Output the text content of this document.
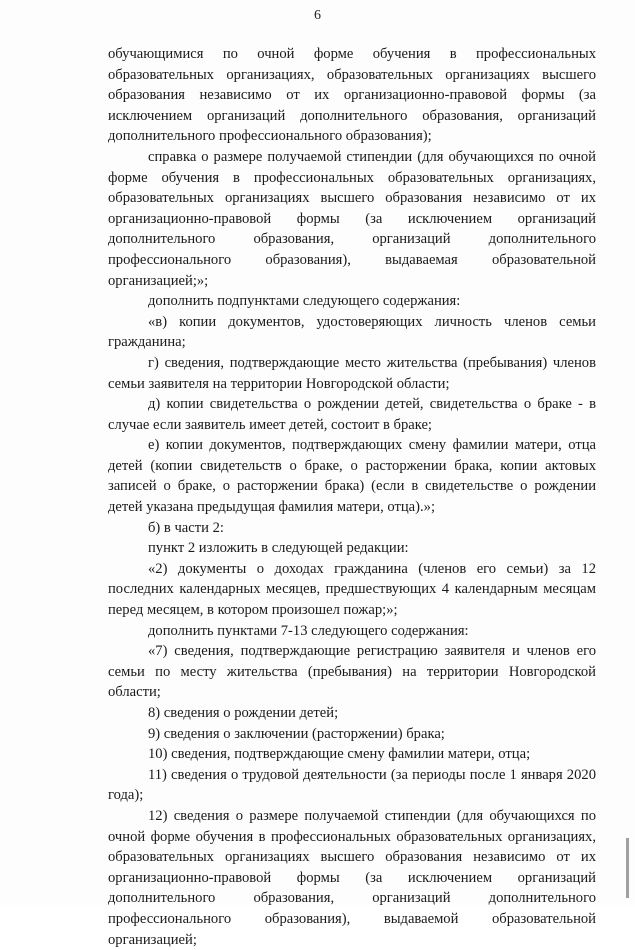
6

обучающимися по очной форме обучения в профессиональных образовательных организациях, образовательных организациях высшего образования независимо от их организационно-правовой формы (за исключением организаций дополнительного образования, организаций дополнительного профессионального образования);

справка о размере получаемой стипендии (для обучающихся по очной форме обучения в профессиональных образовательных организациях, образовательных организациях высшего образования независимо от их организационно-правовой формы (за исключением организаций дополнительного образования, организаций дополнительного профессионального образования), выдаваемая образовательной организацией;»;

дополнить подпунктами следующего содержания:

«в) копии документов, удостоверяющих личность членов семьи гражданина;

г) сведения, подтверждающие место жительства (пребывания) членов семьи заявителя на территории Новгородской области;

д) копии свидетельства о рождении детей, свидетельства о браке - в случае если заявитель имеет детей, состоит в браке;

е) копии документов, подтверждающих смену фамилии матери, отца детей (копии свидетельств о браке, о расторжении брака, копии актовых записей о браке, о расторжении брака) (если в свидетельстве о рождении детей указана предыдущая фамилия матери, отца).»;

б) в части 2:

пункт 2 изложить в следующей редакции:

«2) документы о доходах гражданина (членов его семьи) за 12 последних календарных месяцев, предшествующих 4 календарным месяцам перед месяцем, в котором произошел пожар;»;

дополнить пунктами 7-13 следующего содержания:

«7) сведения, подтверждающие регистрацию заявителя и членов его семьи по месту жительства (пребывания) на территории Новгородской области;

8) сведения о рождении детей;

9) сведения о заключении (расторжении) брака;

10) сведения, подтверждающие смену фамилии матери, отца;

11) сведения о трудовой деятельности (за периоды после 1 января 2020 года);

12) сведения о размере получаемой стипендии (для обучающихся по очной форме обучения в профессиональных образовательных организациях, образовательных организациях высшего образования независимо от их организационно-правовой формы (за исключением организаций дополнительного образования, организаций дополнительного профессионального образования), выдаваемой образовательной организацией;
